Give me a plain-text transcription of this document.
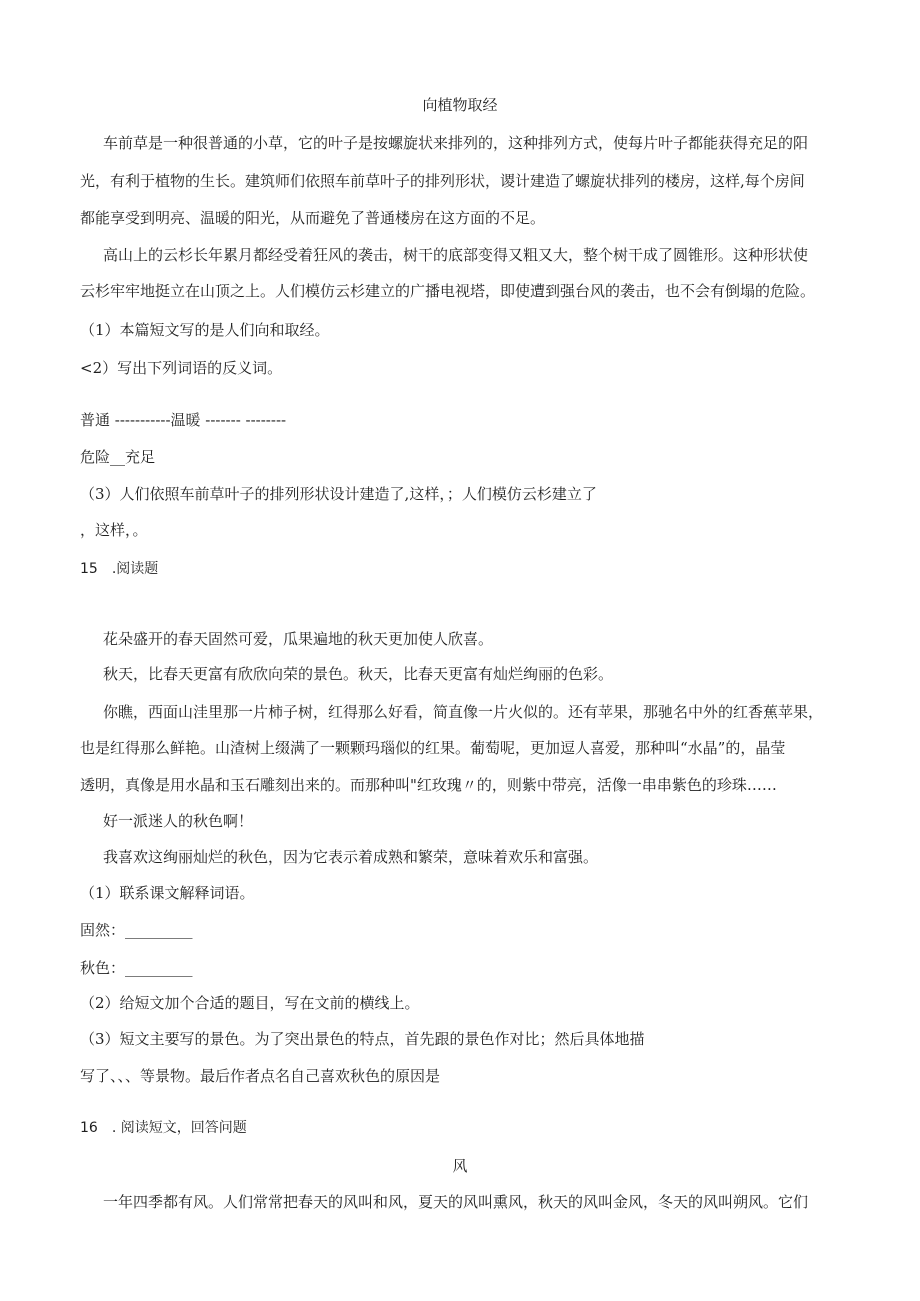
向植物取经
车前草是一种很普通的小草，它的叶子是按螺旋状来排列的，这种排列方式，使每片叶子都能获得充足的阳
光，有利于植物的生长。建筑师们依照车前草叶子的排列形状，谡计建造了螺旋状排列的楼房，这样,每个房间
都能享受到明亮、温暖的阳光，从而避免了普通楼房在这方面的不足。
高山上的云杉长年累月都经受着狂风的袭击，树干的底部变得又粗又大，整个树干成了圆锥形。这种形状使
云杉牢牢地挺立在山顶之上。人们模仿云杉建立的广播电视塔，即使遭到强台风的袭击，也不会有倒塌的危险。
（1）本篇短文写的是人们向和取经。
<2）写出下列词语的反义词。
普通 -----------温暖 ------- --------
危险__充足
（3）人们依照车前草叶子的排列形状设计建造了,这样，；人们模仿云杉建立了
，这样，。
15　.阅读题
花朵盛开的春天固然可爱，瓜果遍地的秋天更加使人欣喜。
秋天，比春天更富有欣欣向荣的景色。秋天，比春天更富有灿烂绚丽的色彩。
你瞧，西面山洼里那一片柿子树，红得那么好看，简直像一片火似的。还有苹果，那驰名中外的红香蕉苹果，
也是红得那么鲜艳。山渣树上缀满了一颗颗玛瑙似的红果。葡萄呢，更加逗人喜爱，那种叫“水晶”的，晶莹
透明，真像是用水晶和玉石雕刻出来的。而那种叫"红玫瑰〃的，则紫中带亮，活像一串串紫色的珍珠……
好一派迷人的秋色啊！
我喜欢这绚丽灿烂的秋色，因为它表示着成熟和繁荣，意味着欢乐和富强。
（1）联系课文解释词语。
固然：_________
秋色：_________
（2）给短文加个合适的题目，写在文前的横线上。
（3）短文主要写的景色。为了突出景色的特点，首先跟的景色作对比；然后具体地描
写了、、、等景物。最后作者点名自己喜欢秋色的原因是
16　. 阅读短文，回答问题
风
一年四季都有风。人们常常把春天的风叫和风，夏天的风叫熏风，秋天的风叫金风，冬天的风叫朔风。它们
